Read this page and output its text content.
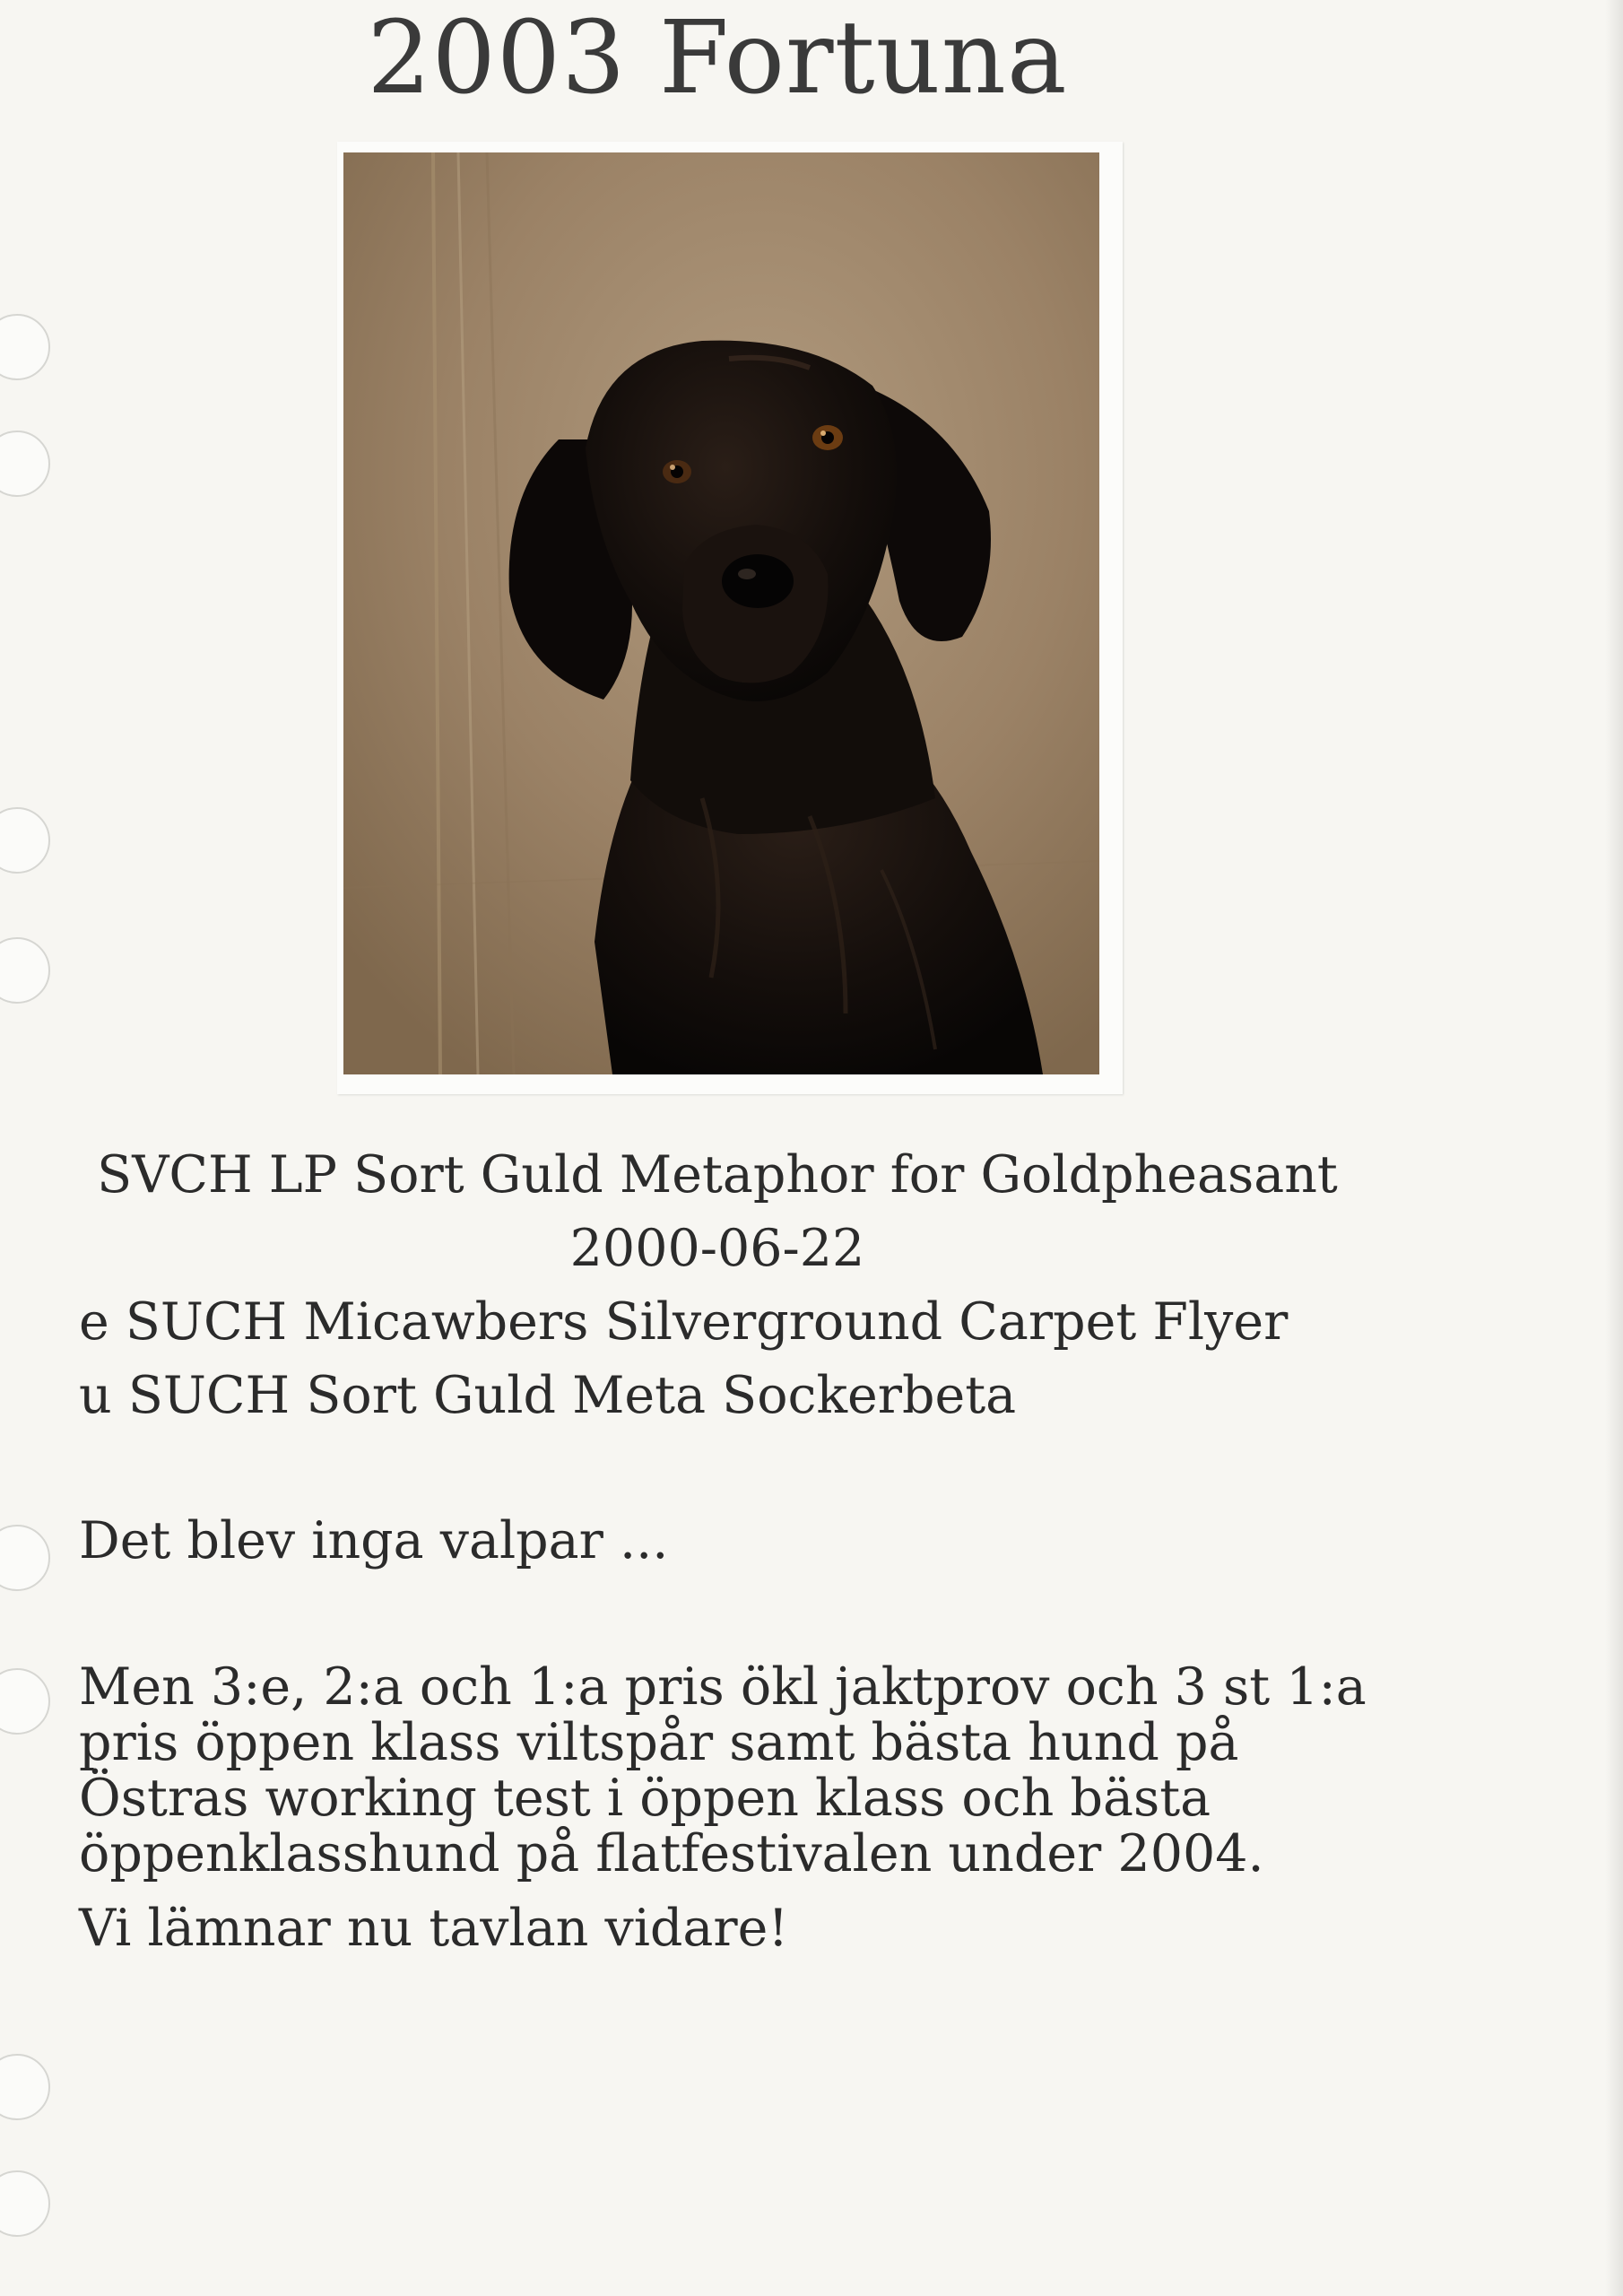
2003 Fortuna
SVCH LP Sort Guld Metaphor for Goldpheasant
2000-06-22
e SUCH Micawbers Silverground Carpet Flyer
u SUCH Sort Guld Meta Sockerbeta
Det blev inga valpar ...
Men 3:e, 2:a och 1:a pris ökl jaktprov och 3 st 1:a
pris öppen klass viltspår samt bästa hund på
Östras working test i öppen klass och bästa
öppenklasshund på flatfestivalen under 2004.
Vi lämnar nu tavlan vidare!
